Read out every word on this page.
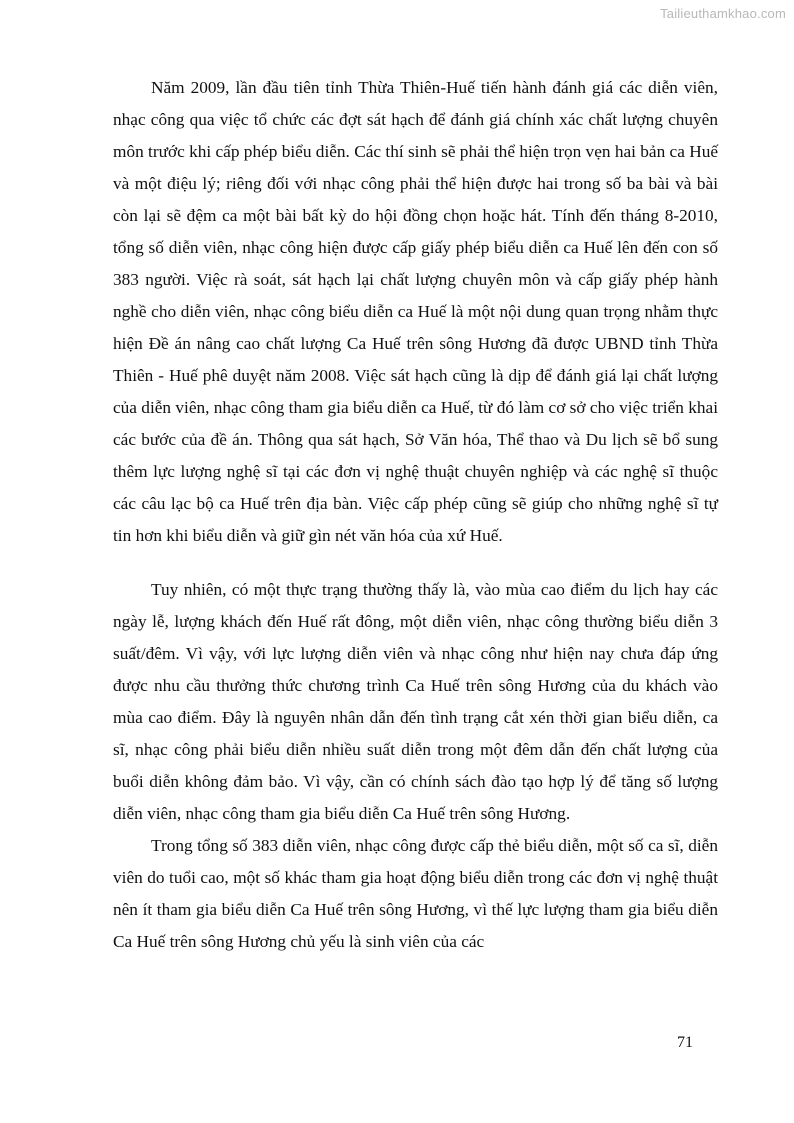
Tailieuthamkhao.com

Năm 2009, lần đầu tiên tỉnh Thừa Thiên-Huế tiến hành đánh giá các diễn viên, nhạc công qua việc tổ chức các đợt sát hạch để đánh giá chính xác chất lượng chuyên môn trước khi cấp phép biểu diễn. Các thí sinh sẽ phải thể hiện trọn vẹn hai bản ca Huế và một điệu lý; riêng đối với nhạc công phải thể hiện được hai trong số ba bài và bài còn lại sẽ đệm ca một bài bất kỳ do hội đồng chọn hoặc hát. Tính đến tháng 8-2010, tổng số diễn viên, nhạc công hiện được cấp giấy phép biểu diễn ca Huế lên đến con số 383 người. Việc rà soát, sát hạch lại chất lượng chuyên môn và cấp giấy phép hành nghề cho diễn viên, nhạc công biểu diễn ca Huế là một nội dung quan trọng nhằm thực hiện Đề án nâng cao chất lượng Ca Huế trên sông Hương đã được UBND tỉnh Thừa Thiên - Huế phê duyệt năm 2008. Việc sát hạch cũng là dịp để đánh giá lại chất lượng của diễn viên, nhạc công tham gia biểu diễn ca Huế, từ đó làm cơ sở cho việc triển khai các bước của đề án. Thông qua sát hạch, Sở Văn hóa, Thể thao và Du lịch sẽ bổ sung thêm lực lượng nghệ sĩ tại các đơn vị nghệ thuật chuyên nghiệp và các nghệ sĩ thuộc các câu lạc bộ ca Huế trên địa bàn. Việc cấp phép cũng sẽ giúp cho những nghệ sĩ tự tin hơn khi biểu diễn và giữ gìn nét văn hóa của xứ Huế.

Tuy nhiên, có một thực trạng thường thấy là, vào mùa cao điểm du lịch hay các ngày lễ, lượng khách đến Huế rất đông, một diễn viên, nhạc công thường biểu diễn 3 suất/đêm. Vì vậy, với lực lượng diễn viên và nhạc công như hiện nay chưa đáp ứng được nhu cầu thưởng thức chương trình Ca Huế trên sông Hương của du khách vào mùa cao điểm. Đây là nguyên nhân dẫn đến tình trạng cắt xén thời gian biểu diễn, ca sĩ, nhạc công phải biểu diễn nhiều suất diễn trong một đêm dẫn đến chất lượng của buổi diễn không đảm bảo. Vì vậy, cần có chính sách đào tạo hợp lý để tăng số lượng diễn viên, nhạc công tham gia biểu diễn Ca Huế trên sông Hương.

Trong tổng số 383 diễn viên, nhạc công được cấp thẻ biểu diễn, một số ca sĩ, diễn viên do tuổi cao, một số khác tham gia hoạt động biểu diễn trong các đơn vị nghệ thuật nên ít tham gia biểu diễn Ca Huế trên sông Hương, vì thế lực lượng tham gia biểu diễn Ca Huế trên sông Hương chủ yếu là sinh viên của các

71
